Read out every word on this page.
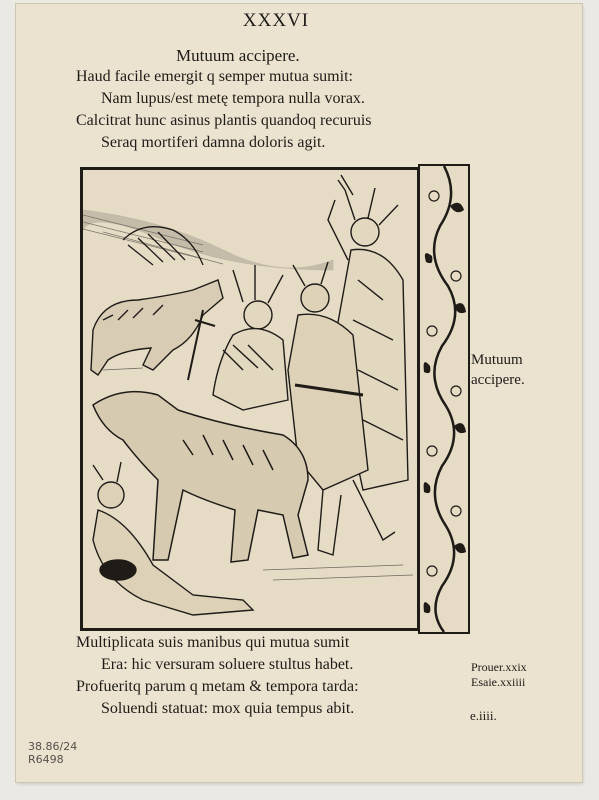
XXXVI
Mutuum accipere.
Haud facile emergit q semper mutua sumit:
Nam lupus/est metę tempora nulla vorax.
Calcitrat hunc asinus plantis quandoq recuruis
Seraq mortiferi damna doloris agit.
Mutuum
accipere.
Multiplicata suis manibus qui mutua sumit
Era: hic versuram soluere stultus habet.
Profueritq parum q metam & tempora tarda:
Soluendi statuat: mox quia tempus abit.
Prouer.xxix
Esaie.xxiiii
e.iiii.
38.86/24
R6498
